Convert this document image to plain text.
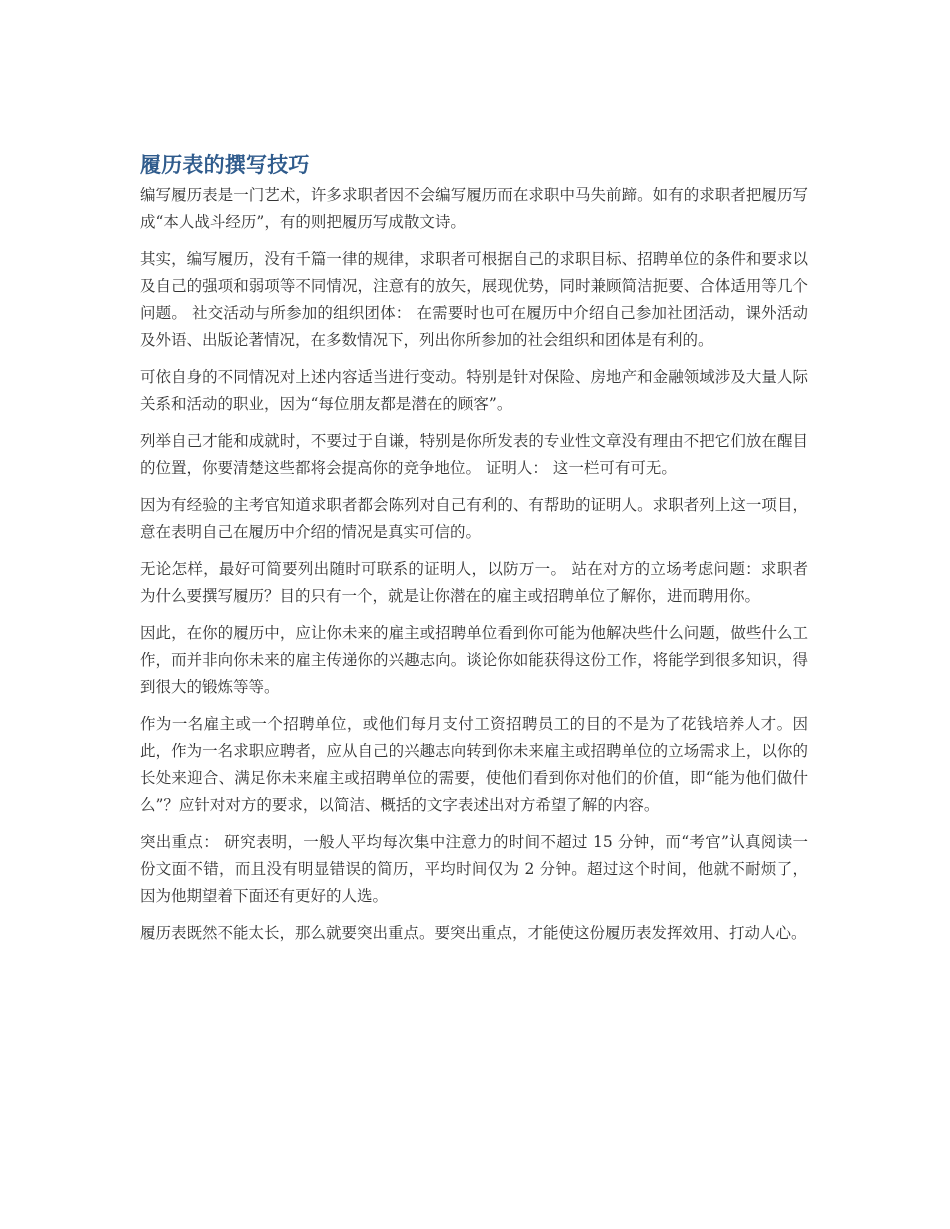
履历表的撰写技巧

编写履历表是一门艺术，许多求职者因不会编写履历而在求职中马失前蹄。如有的求职者把履历写成“本人战斗经历”，有的则把履历写成散文诗。

其实，编写履历，没有千篇一律的规律，求职者可根据自己的求职目标、招聘单位的条件和要求以及自己的强项和弱项等不同情况，注意有的放矢，展现优势，同时兼顾简洁扼要、合体适用等几个问题。 社交活动与所参加的组织团体： 在需要时也可在履历中介绍自己参加社团活动，课外活动及外语、出版论著情况，在多数情况下，列出你所参加的社会组织和团体是有利的。

可依自身的不同情况对上述内容适当进行变动。特别是针对保险、房地产和金融领域涉及大量人际关系和活动的职业，因为“每位朋友都是潜在的顾客”。

列举自己才能和成就时，不要过于自谦，特别是你所发表的专业性文章没有理由不把它们放在醒目的位置，你要清楚这些都将会提高你的竞争地位。 证明人： 这一栏可有可无。

因为有经验的主考官知道求职者都会陈列对自己有利的、有帮助的证明人。求职者列上这一项目，意在表明自己在履历中介绍的情况是真实可信的。

无论怎样，最好可简要列出随时可联系的证明人，以防万一。 站在对方的立场考虑问题：求职者为什么要撰写履历？目的只有一个，就是让你潜在的雇主或招聘单位了解你，进而聘用你。

因此，在你的履历中，应让你未来的雇主或招聘单位看到你可能为他解决些什么问题，做些什么工作，而并非向你未来的雇主传递你的兴趣志向。谈论你如能获得这份工作，将能学到很多知识，得到很大的锻炼等等。

作为一名雇主或一个招聘单位，或他们每月支付工资招聘员工的目的不是为了花钱培养人才。因此，作为一名求职应聘者，应从自己的兴趣志向转到你未来雇主或招聘单位的立场需求上，以你的长处来迎合、满足你未来雇主或招聘单位的需要，使他们看到你对他们的价值，即“能为他们做什么”？应针对对方的要求，以简洁、概括的文字表述出对方希望了解的内容。

突出重点： 研究表明，一般人平均每次集中注意力的时间不超过 15 分钟，而“考官”认真阅读一份文面不错，而且没有明显错误的简历，平均时间仅为 2 分钟。超过这个时间，他就不耐烦了，因为他期望着下面还有更好的人选。

履历表既然不能太长，那么就要突出重点。要突出重点，才能使这份履历表发挥效用、打动人心。
